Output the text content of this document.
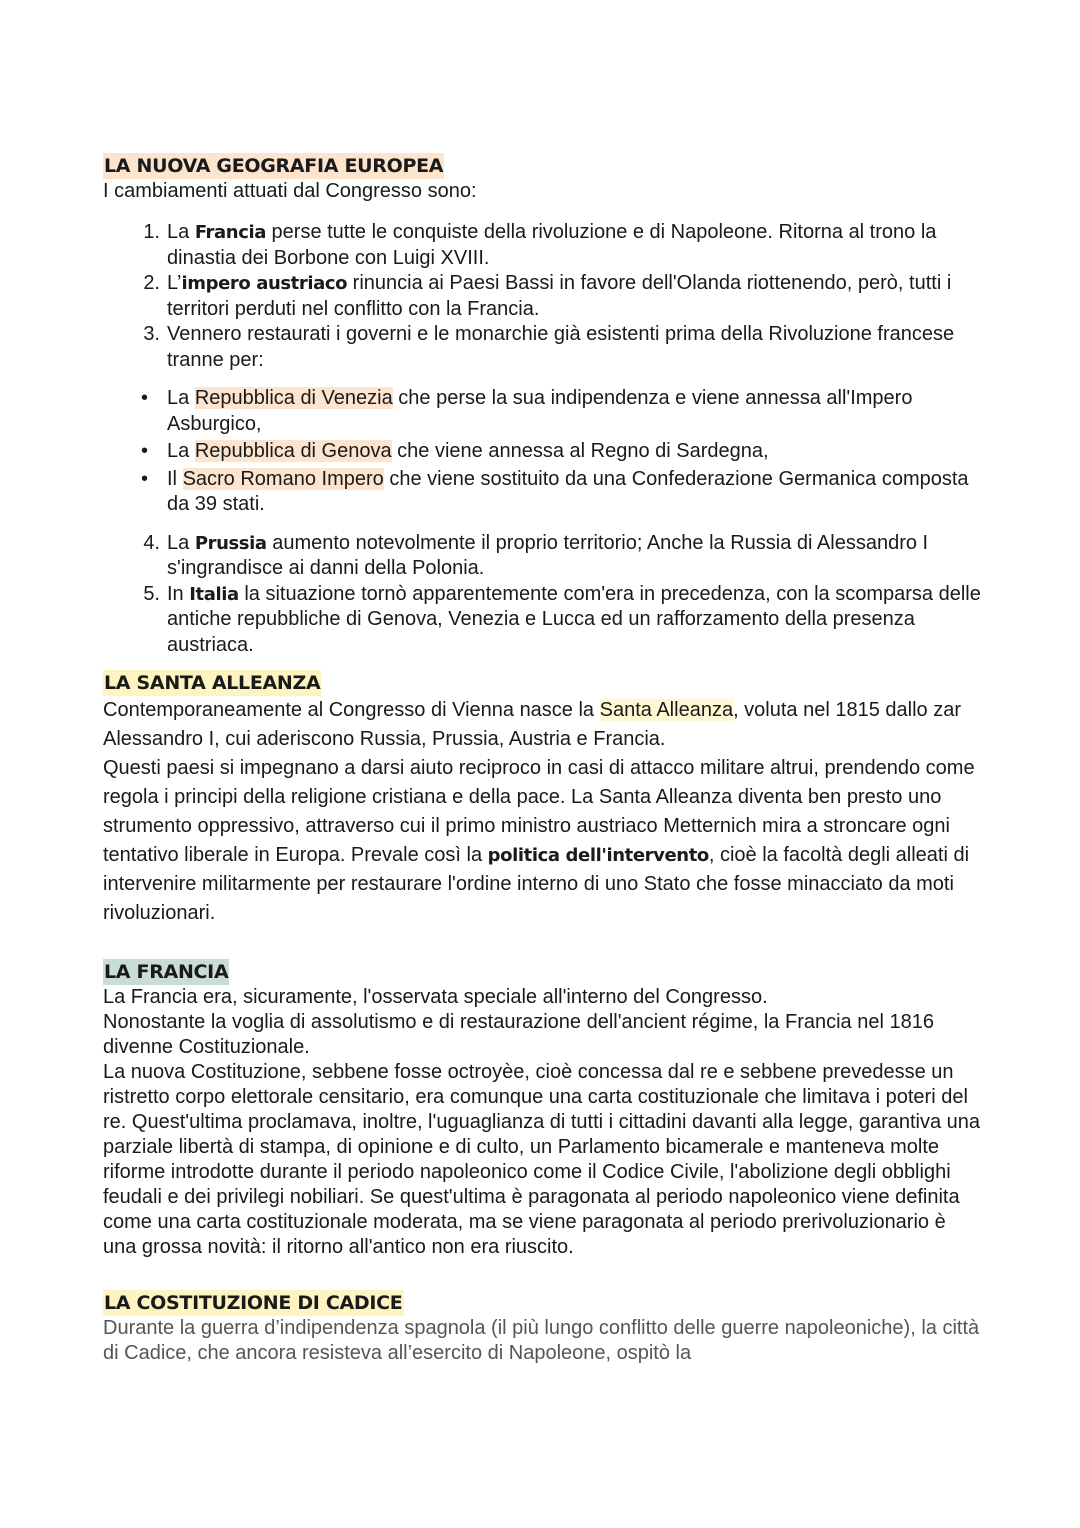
LA NUOVA GEOGRAFIA EUROPEA

I cambiamenti attuati dal Congresso sono:

1. La Francia perse tutte le conquiste della rivoluzione e di Napoleone. Ritorna al trono la dinastia dei Borbone con Luigi XVIII.
2. L’impero austriaco rinuncia ai Paesi Bassi in favore dell'Olanda riottenendo, però, tutti i territori perduti nel conflitto con la Francia.
3. Vennero restaurati i governi e le monarchie già esistenti prima della Rivoluzione francese tranne per:
• La Repubblica di Venezia che perse la sua indipendenza e viene annessa all'Impero Asburgico,
• La Repubblica di Genova che viene annessa al Regno di Sardegna,
• Il Sacro Romano Impero che viene sostituito da una Confederazione Germanica composta da 39 stati.
4. La Prussia aumento notevolmente il proprio territorio; Anche la Russia di Alessandro I s'ingrandisce ai danni della Polonia.
5. In Italia la situazione tornò apparentemente com'era in precedenza, con la scomparsa delle antiche repubbliche di Genova, Venezia e Lucca ed un rafforzamento della presenza austriaca.
LA SANTA ALLEANZA

Contemporaneamente al Congresso di Vienna nasce la Santa Alleanza, voluta nel 1815 dallo zar Alessandro I, cui aderiscono Russia, Prussia, Austria e Francia.

Questi paesi si impegnano a darsi aiuto reciproco in casi di attacco militare altrui, prendendo come regola i principi della religione cristiana e della pace. La Santa Alleanza diventa ben presto uno strumento oppressivo, attraverso cui il primo ministro austriaco Metternich mira a stroncare ogni tentativo liberale in Europa. Prevale così la politica dell'intervento, cioè la facoltà degli alleati di intervenire militarmente per restaurare l'ordine interno di uno Stato che fosse minacciato da moti rivoluzionari.

LA FRANCIA

La Francia era, sicuramente, l'osservata speciale all'interno del Congresso.

Nonostante la voglia di assolutismo e di restaurazione dell'ancient régime, la Francia nel 1816 divenne Costituzionale.

La nuova Costituzione, sebbene fosse octroyèe, cioè concessa dal re e sebbene prevedesse un ristretto corpo elettorale censitario, era comunque una carta costituzionale che limitava i poteri del re. Quest'ultima proclamava, inoltre, l'uguaglianza di tutti i cittadini davanti alla legge, garantiva una parziale libertà di stampa, di opinione e di culto, un Parlamento bicamerale e manteneva molte riforme introdotte durante il periodo napoleonico come il Codice Civile, l'abolizione degli obblighi feudali e dei privilegi nobiliari. Se quest'ultima è paragonata al periodo napoleonico viene definita come una carta costituzionale moderata, ma se viene paragonata al periodo prerivoluzionario è una grossa novità: il ritorno all'antico non era riuscito.

LA COSTITUZIONE DI CADICE

Durante la guerra d’indipendenza spagnola (il più lungo conflitto delle guerre napoleoniche), la città di Cadice, che ancora resisteva all’esercito di Napoleone, ospitò la
